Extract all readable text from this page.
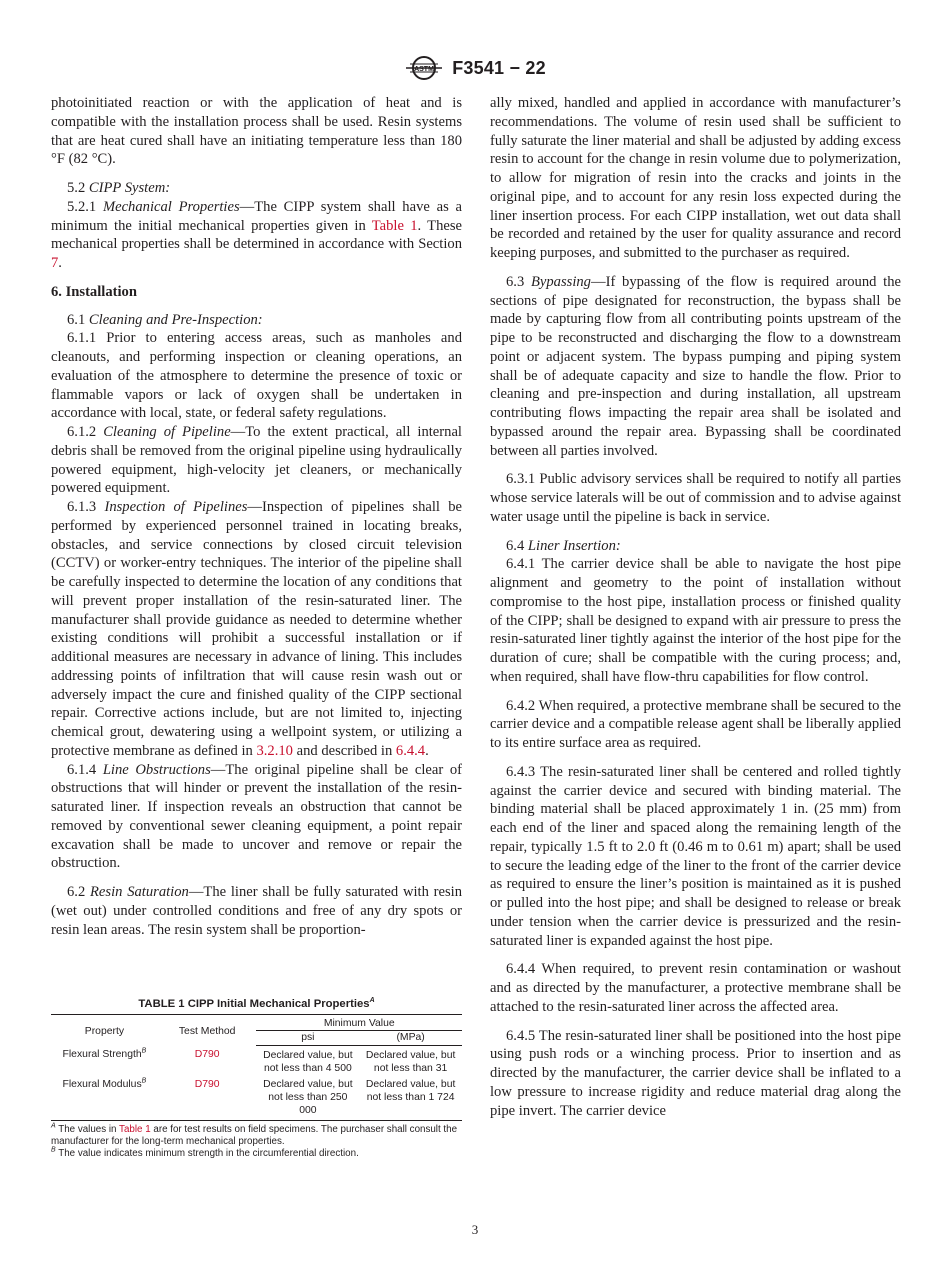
ASTM F3541 − 22

photoinitiated reaction or with the application of heat and is compatible with the installation process shall be used. Resin systems that are heat cured shall have an initiating temperature less than 180 °F (82 °C).

5.2 CIPP System:

5.2.1 Mechanical Properties—The CIPP system shall have as a minimum the initial mechanical properties given in Table 1. These mechanical properties shall be determined in accordance with Section 7.

6. Installation

6.1 Cleaning and Pre-Inspection:

6.1.1 Prior to entering access areas, such as manholes and cleanouts, and performing inspection or cleaning operations, an evaluation of the atmosphere to determine the presence of toxic or flammable vapors or lack of oxygen shall be undertaken in accordance with local, state, or federal safety regulations.

6.1.2 Cleaning of Pipeline—To the extent practical, all internal debris shall be removed from the original pipeline using hydraulically powered equipment, high-velocity jet cleaners, or mechanically powered equipment.

6.1.3 Inspection of Pipelines—Inspection of pipelines shall be performed by experienced personnel trained in locating breaks, obstacles, and service connections by closed circuit television (CCTV) or worker-entry techniques. The interior of the pipeline shall be carefully inspected to determine the location of any conditions that will prevent proper installation of the resin-saturated liner. The manufacturer shall provide guidance as needed to determine whether existing conditions will prohibit a successful installation or if additional measures are necessary in advance of lining. This includes addressing points of infiltration that will cause resin wash out or adversely impact the cure and finished quality of the CIPP sectional repair. Corrective actions include, but are not limited to, injecting chemical grout, dewatering using a wellpoint system, or utilizing a protective membrane as defined in 3.2.10 and described in 6.4.4.

6.1.4 Line Obstructions—The original pipeline shall be clear of obstructions that will hinder or prevent the installation of the resin-saturated liner. If inspection reveals an obstruction that cannot be removed by conventional sewer cleaning equipment, a point repair excavation shall be made to uncover and remove or repair the obstruction.

6.2 Resin Saturation—The liner shall be fully saturated with resin (wet out) under controlled conditions and free of any dry spots or resin lean areas. The resin system shall be proportion-

TABLE 1 CIPP Initial Mechanical Properties$^A$
Property	Test Method	Minimum Value	
		psi	(MPa)
Flexural Strength$^B$	D790	Declared value, but not less than 4 500	Declared value, but not less than 31
Flexural Modulus$^B$	D790	Declared value, but not less than 250 000	Declared value, but not less than 1 724

$^A$ The values in Table 1 are for test results on field specimens. The purchaser shall consult the manufacturer for the long-term mechanical properties.

$^B$ The value indicates minimum strength in the circumferential direction.

ally mixed, handled and applied in accordance with manufacturer’s recommendations. The volume of resin used shall be sufficient to fully saturate the liner material and shall be adjusted by adding excess resin to account for the change in resin volume due to polymerization, to allow for migration of resin into the cracks and joints in the original pipe, and to account for any resin loss expected during the liner insertion process. For each CIPP installation, wet out data shall be recorded and retained by the user for quality assurance and record keeping purposes, and submitted to the purchaser as required.

6.3 Bypassing—If bypassing of the flow is required around the sections of pipe designated for reconstruction, the bypass shall be made by capturing flow from all contributing points upstream of the pipe to be reconstructed and discharging the flow to a downstream point or adjacent system. The bypass pumping and piping system shall be of adequate capacity and size to handle the flow. Prior to cleaning and pre-inspection and during installation, all upstream contributing flows impacting the repair area shall be isolated and bypassed around the repair area. Bypassing shall be coordinated between all parties involved.

6.3.1 Public advisory services shall be required to notify all parties whose service laterals will be out of commission and to advise against water usage until the pipeline is back in service.

6.4 Liner Insertion:

6.4.1 The carrier device shall be able to navigate the host pipe alignment and geometry to the point of installation without compromise to the host pipe, installation process or finished quality of the CIPP; shall be designed to expand with air pressure to press the resin-saturated liner tightly against the interior of the host pipe for the duration of cure; shall be compatible with the curing process; and, when required, shall have flow-thru capabilities for flow control.

6.4.2 When required, a protective membrane shall be secured to the carrier device and a compatible release agent shall be liberally applied to its entire surface area as required.

6.4.3 The resin-saturated liner shall be centered and rolled tightly against the carrier device and secured with binding material. The binding material shall be placed approximately 1 in. (25 mm) from each end of the liner and spaced along the remaining length of the repair, typically 1.5 ft to 2.0 ft (0.46 m to 0.61 m) apart; shall be used to secure the leading edge of the liner to the front of the carrier device as required to ensure the liner’s position is maintained as it is pushed or pulled into the host pipe; and shall be designed to release or break under tension when the carrier device is pressurized and the resin-saturated liner is expanded against the host pipe.

6.4.4 When required, to prevent resin contamination or washout and as directed by the manufacturer, a protective membrane shall be attached to the resin-saturated liner across the affected area.

6.4.5 The resin-saturated liner shall be positioned into the host pipe using push rods or a winching process. Prior to insertion and as directed by the manufacturer, the carrier device shall be inflated to a low pressure to increase rigidity and reduce material drag along the pipe invert. The carrier device

3
